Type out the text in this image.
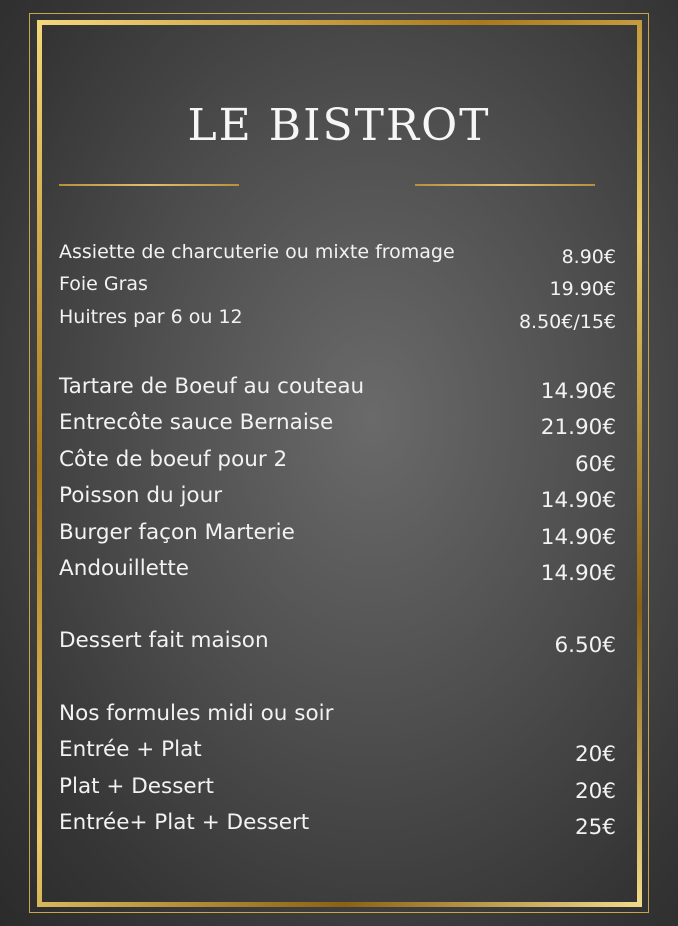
LE BISTROT
Assiette de charcuterie ou mixte fromage	8.90€
Foie Gras	19.90€
Huitres par 6 ou 12	8.50€/15€
Tartare de Boeuf au couteau	14.90€
Entrecôte sauce Bernaise	21.90€
Côte de boeuf pour 2	60€
Poisson du jour	14.90€
Burger façon Marterie	14.90€
Andouillette	14.90€
Dessert fait maison	6.50€
Nos formules midi ou soir
Entrée + Plat	20€
Plat + Dessert	20€
Entrée+ Plat + Dessert	25€
